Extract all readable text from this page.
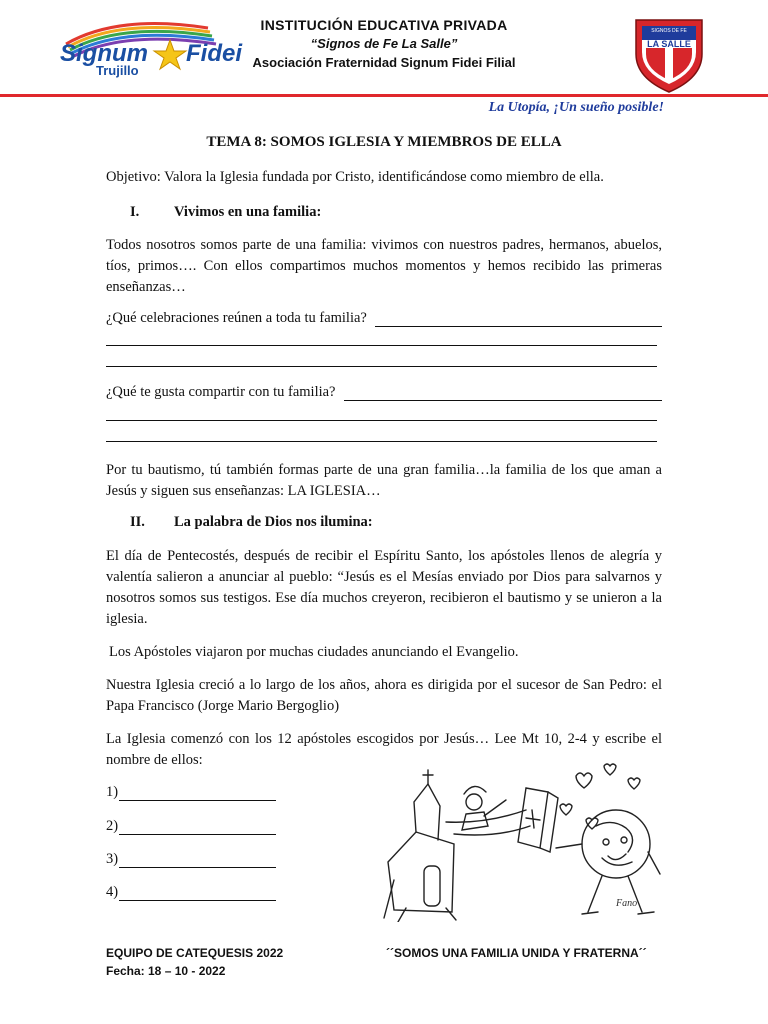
Signum Fidei
Trujillo
INSTITUCIÓN EDUCATIVA PRIVADA
“Signos de Fe La Salle”
Asociación Fraternidad Signum Fidei Filial
SIGNOS DE FE
LA SALLE
La Utopía, ¡Un sueño posible!
TEMA 8: SOMOS IGLESIA Y MIEMBROS DE ELLA
Objetivo: Valora la Iglesia fundada por Cristo, identificándose como miembro de ella.
I. Vivimos en una familia:
Todos nosotros somos parte de una familia: vivimos con nuestros padres, hermanos, abuelos, tíos, primos…. Con ellos compartimos muchos momentos y hemos recibido las primeras enseñanzas…
¿Qué celebraciones reúnen a toda tu familia?
¿Qué te gusta compartir con tu familia?
Por tu bautismo, tú también formas parte de una gran familia…la familia de los que aman a Jesús y siguen sus enseñanzas: LA IGLESIA…
II. La palabra de Dios nos ilumina:
El día de Pentecostés, después de recibir el Espíritu Santo, los apóstoles llenos de alegría y valentía salieron a anunciar al pueblo: “Jesús es el Mesías enviado por Dios para salvarnos y nosotros somos sus testigos. Ese día muchos creyeron, recibieron el bautismo y se unieron a la iglesia.
Los Apóstoles viajaron por muchas ciudades anunciando el Evangelio.
Nuestra Iglesia creció a lo largo de los años, ahora es dirigida por el sucesor de San Pedro: el Papa Francisco (Jorge Mario Bergoglio)
La Iglesia comenzó con los 12 apóstoles escogidos por Jesús… Lee Mt 10, 2-4 y escribe el nombre de ellos:
1)
2)
3)
4)
Fano
EQUIPO DE CATEQUESIS 2022
Fecha: 18 – 10 - 2022
´´SOMOS UNA FAMILIA UNIDA Y FRATERNA´´
